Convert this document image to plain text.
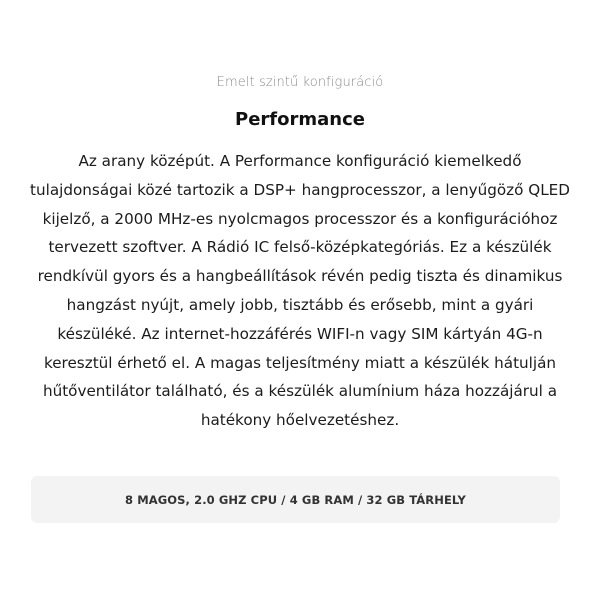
Emelt szintű konfiguráció
Performance

Az arany középút. A Performance konfiguráció kiemelkedő tulajdonságai közé tartozik a DSP+ hangprocesszor, a lenyűgöző QLED kijelző, a 2000 MHz-es nyolcmagos processzor és a konfigurációhoz tervezett szoftver. A Rádió IC felső-középkategóriás. Ez a készülék rendkívül gyors és a hangbeállítások révén pedig tiszta és dinamikus hangzást nyújt, amely jobb, tisztább és erősebb, mint a gyári készüléké. Az internet-hozzáférés WIFI-n vagy SIM kártyán 4G-n keresztül érhető el. A magas teljesítmény miatt a készülék hátulján hűtőventilátor található, és a készülék alumínium háza hozzájárul a hatékony hőelvezetéshez.

8 MAGOS, 2.0 GHZ CPU / 4 GB RAM / 32 GB TÁRHELY
